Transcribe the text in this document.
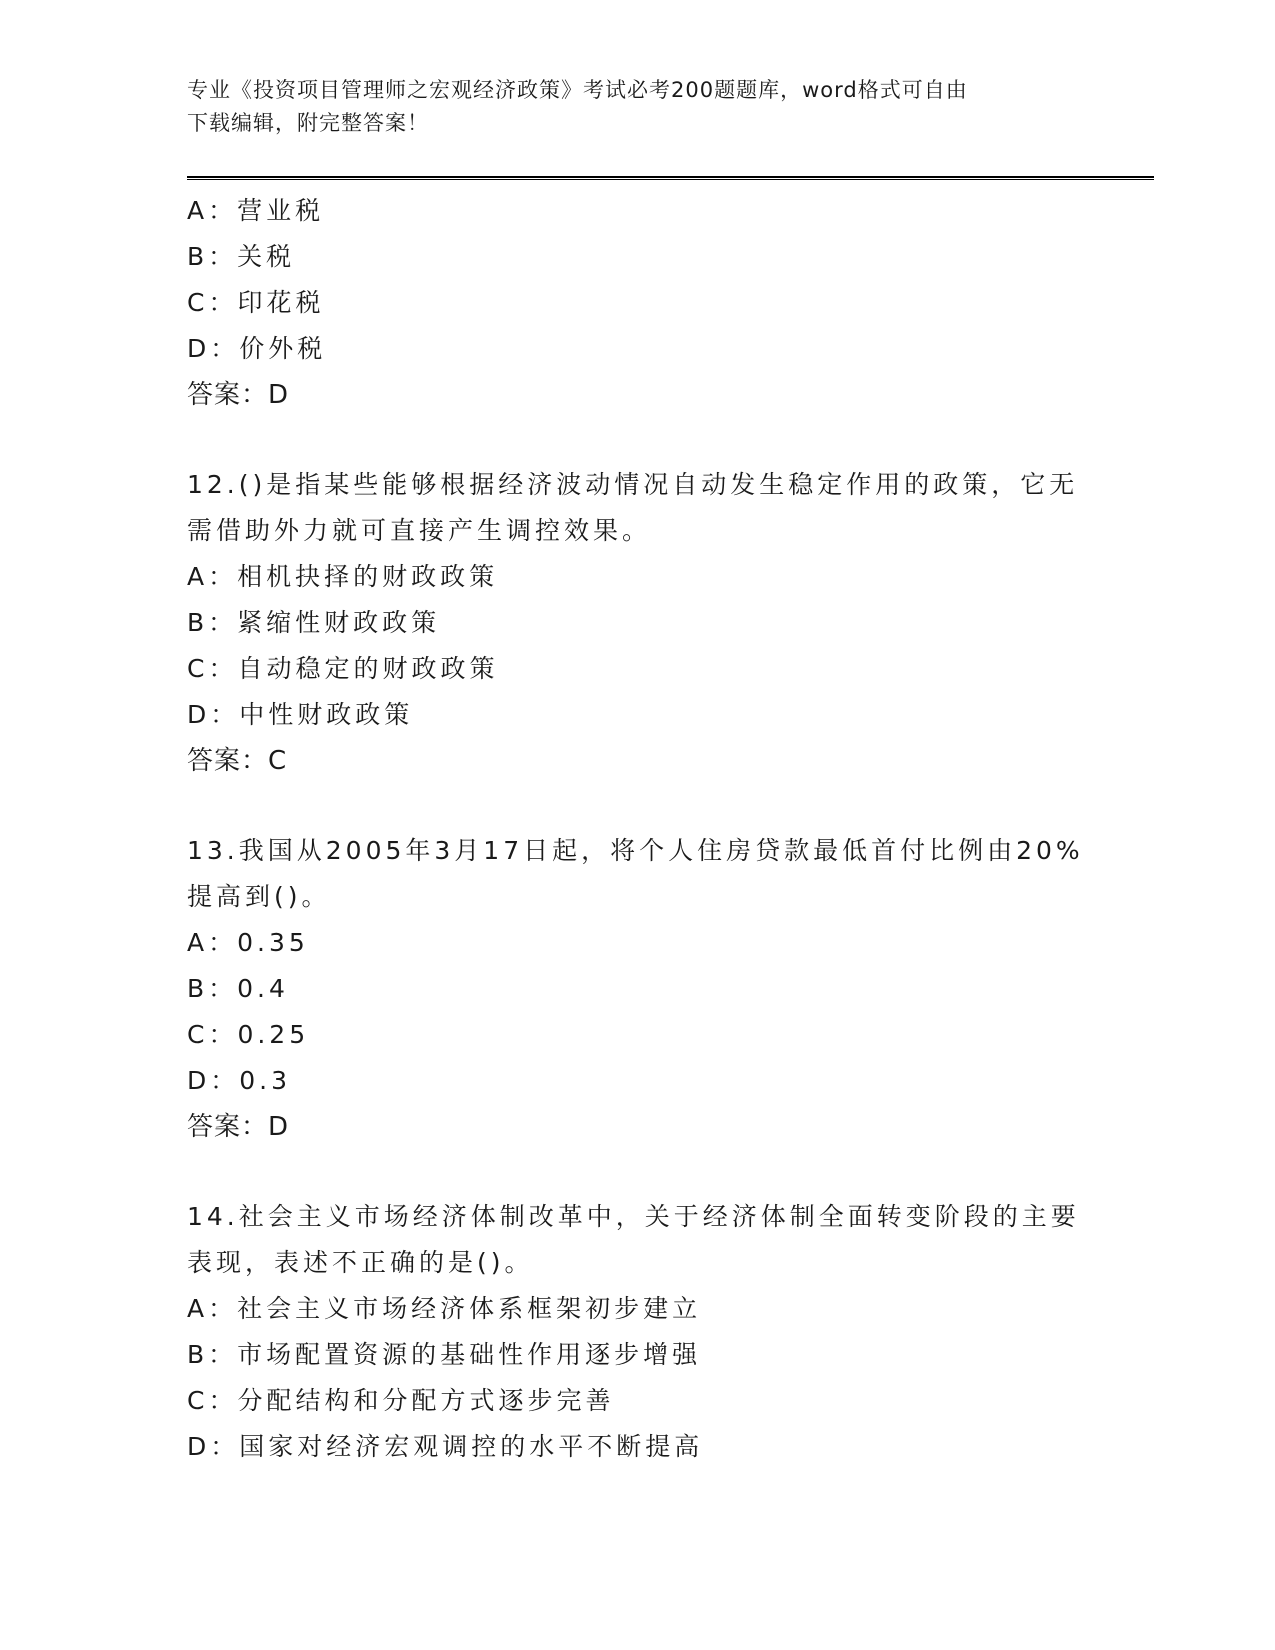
专业《投资项目管理师之宏观经济政策》考试必考200题题库，word格式可自由
下载编辑，附完整答案！
A：营业税
B：关税
C：印花税
D：价外税
答案：D
12.()是指某些能够根据经济波动情况自动发生稳定作用的政策，它无
需借助外力就可直接产生调控效果。
A：相机抉择的财政政策
B：紧缩性财政政策
C：自动稳定的财政政策
D：中性财政政策
答案：C
13.我国从2005年3月17日起，将个人住房贷款最低首付比例由20%
提高到()。
A：0.35
B：0.4
C：0.25
D：0.3
答案：D
14.社会主义市场经济体制改革中，关于经济体制全面转变阶段的主要
表现，表述不正确的是()。
A：社会主义市场经济体系框架初步建立
B：市场配置资源的基础性作用逐步增强
C：分配结构和分配方式逐步完善
D：国家对经济宏观调控的水平不断提高
